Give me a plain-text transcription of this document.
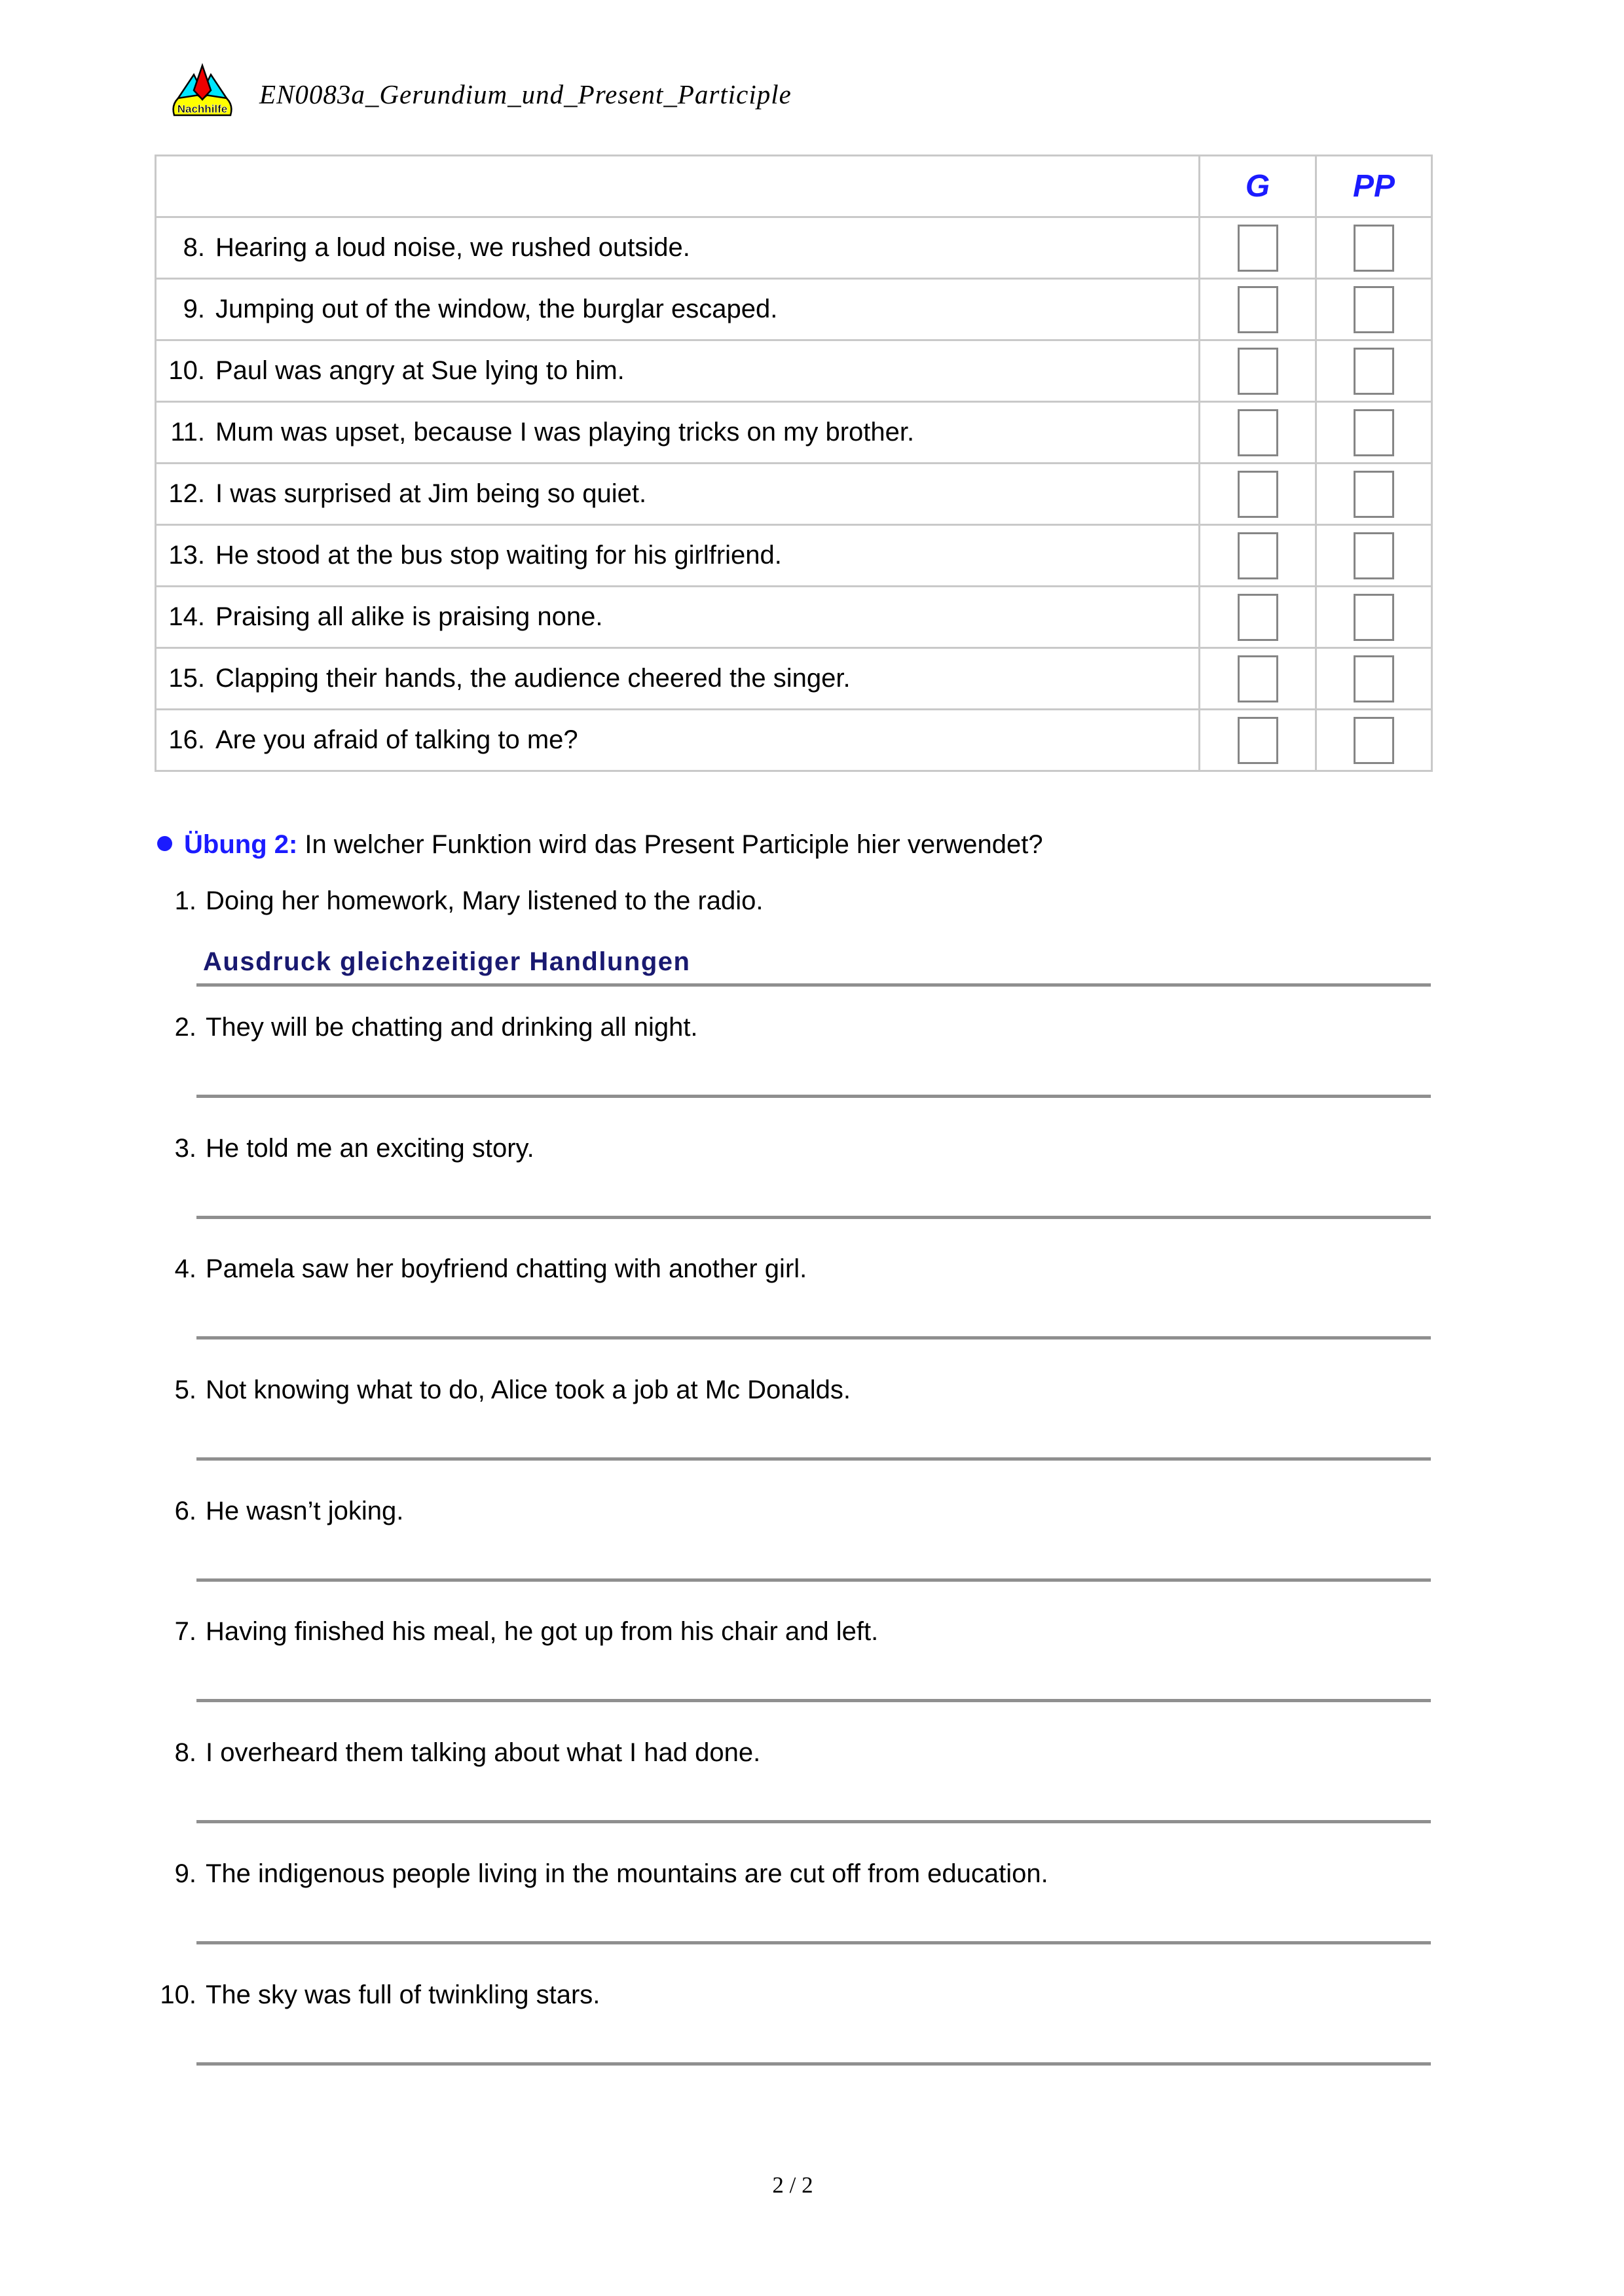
Nachhilfe EN0083a_Gerundium_und_Present_Participle
	G	PP
8. Hearing a loud noise, we rushed outside.		
9. Jumping out of the window, the burglar escaped.		
10. Paul was angry at Sue lying to him.		
11. Mum was upset, because I was playing tricks on my brother.		
12. I was surprised at Jim being so quiet.		
13. He stood at the bus stop waiting for his girlfriend.		
14. Praising all alike is praising none.		
15. Clapping their hands, the audience cheered the singer.		
16. Are you afraid of talking to me?		
Übung 2: In welcher Funktion wird das Present Participle hier verwendet?
1. Doing her homework, Mary listened to the radio.
Ausdruck gleichzeitiger Handlungen
2. They will be chatting and drinking all night.
3. He told me an exciting story.
4. Pamela saw her boyfriend chatting with another girl.
5. Not knowing what to do, Alice took a job at Mc Donalds.
6. He wasn’t joking.
7. Having finished his meal, he got up from his chair and left.
8. I overheard them talking about what I had done.
9. The indigenous people living in the mountains are cut off from education.
10. The sky was full of twinkling stars.
2 / 2
